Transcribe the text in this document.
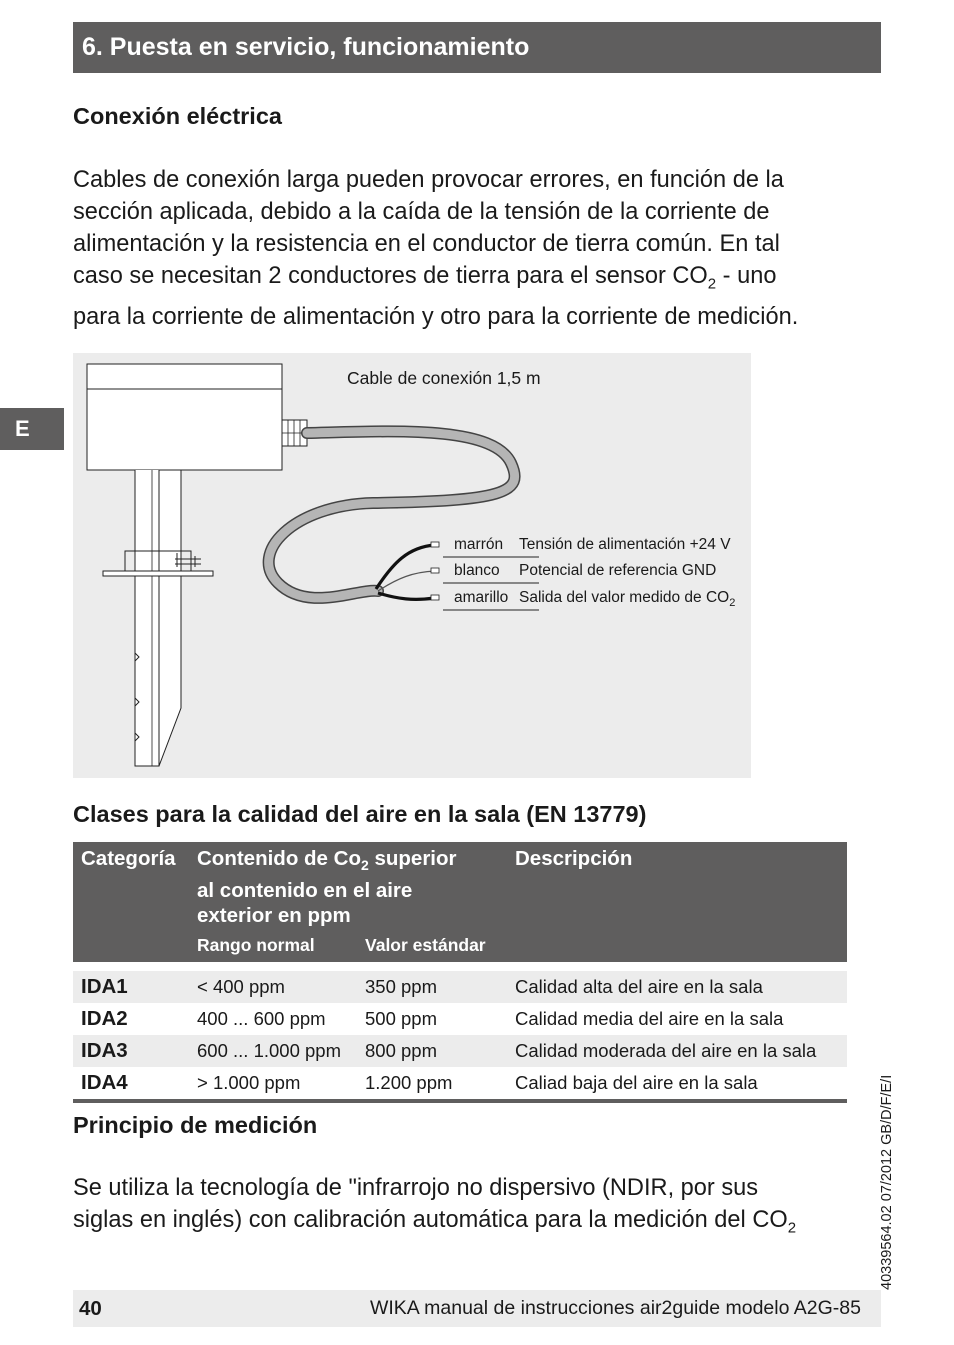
6. Puesta en servicio, funcionamiento
E
Conexión eléctrica

Cables de conexión larga pueden provocar errores, en función de la

sección aplicada, debido a la caída de la tensión de la corriente de

alimentación y la resistencia en el conductor de tierra común. En tal

caso se necesitan 2 conductores de tierra para el sensor $CO_2$ - uno

para la corriente de alimentación y otro para la corriente de medición.

Cable de conexión 1,5 m
marrón Tensión de alimentación +24 V
blanco Potencial de referencia GND
amarillo Salida del valor medido de $CO_2$
Clases para la calidad del aire en la sala (EN 13779)
Categoría	Contenido de $Co_2$ superior
al contenido en el aire
exterior en ppm		Descripción
	Rango normal	Valor estándar	

IDA1	< 400 ppm	350 ppm	Calidad alta del aire en la sala
IDA2	400 ... 600 ppm	500 ppm	Calidad media del aire en la sala
IDA3	600 ... 1.000 ppm	800 ppm	Calidad moderada del aire en la sala
IDA4	> 1.000 ppm	1.200 ppm	Caliad baja del aire en la sala
Principio de medición

Se utiliza la tecnología de "infrarrojo no dispersivo (NDIR, por sus

siglas en inglés) con calibración automática para la medición del $CO_2$	40339564.02 07/2012 GB/D/F/E/I
40	WIKA manual de instrucciones air2guide modelo A2G-85
